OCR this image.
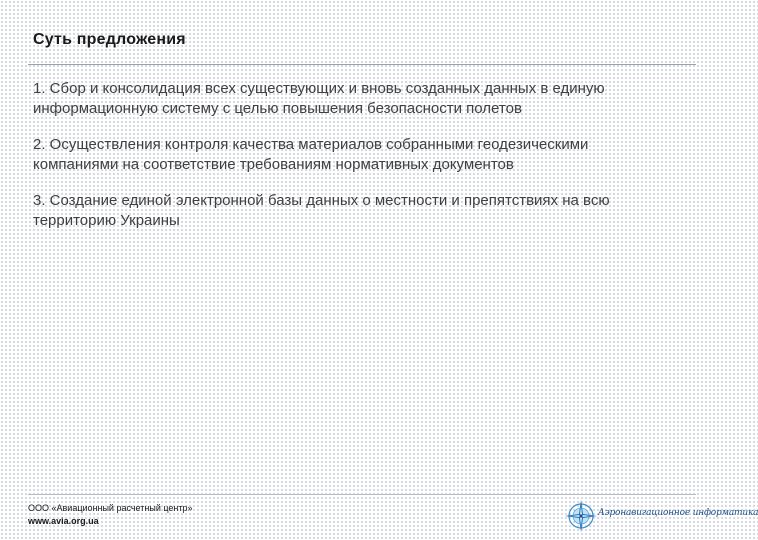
Суть предложения
1. Сбор и консолидация всех существующих и вновь созданных данных в единую информационную систему с целью повышения безопасности полетов
2. Осуществления контроля качества материалов собранными геодезическими компаниями на соответствие требованиям нормативных документов
3. Создание единой электронной базы данных о местности и препятствиях на всю территорию Украины
ООО «Авиационный расчетный центр»
www.avia.org.ua
Аэронавигационное информатика
